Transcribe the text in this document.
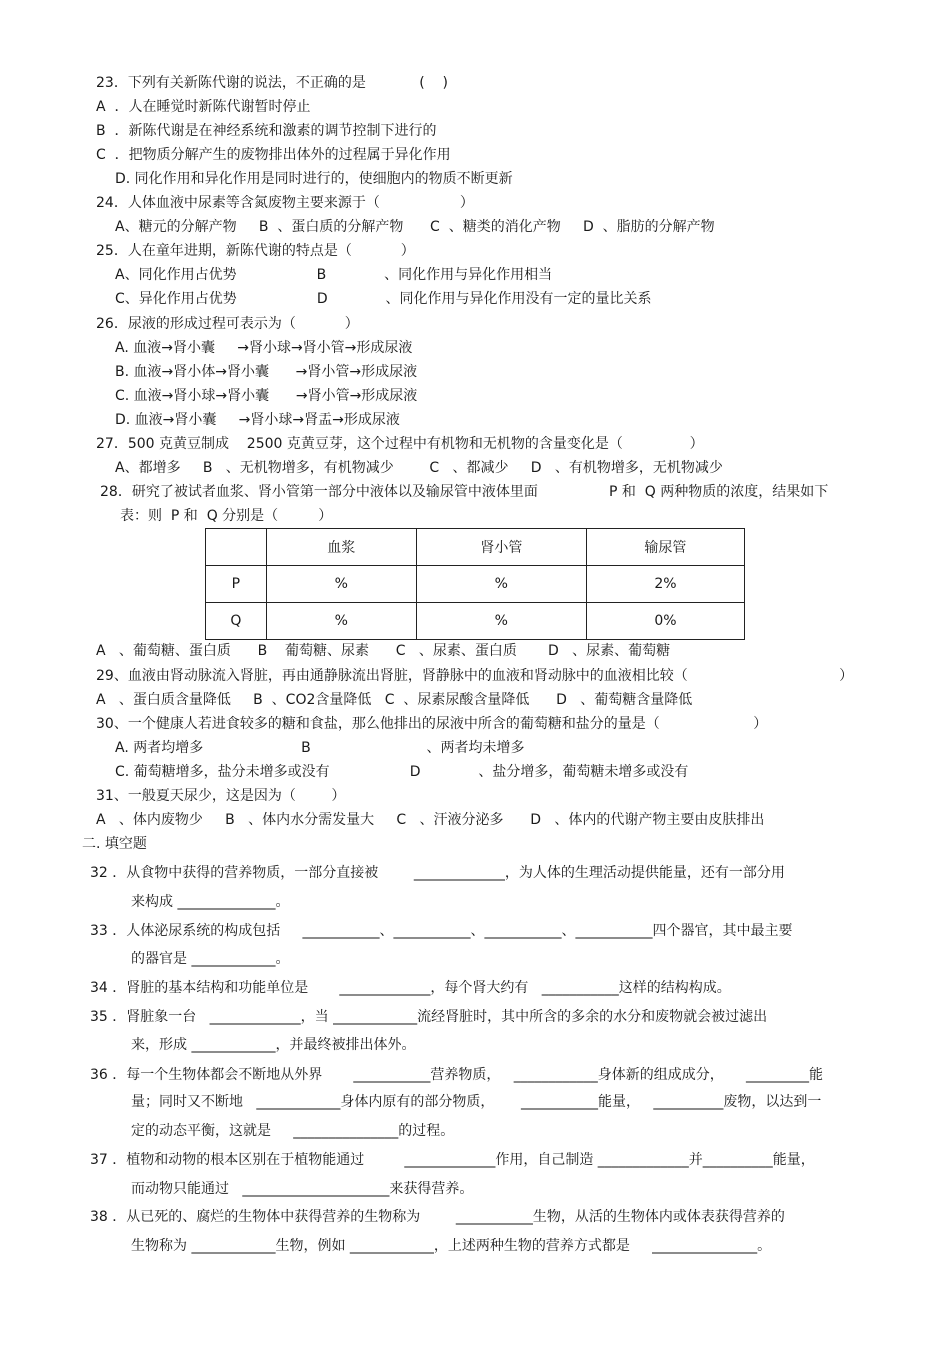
23．下列有关新陈代谢的说法，不正确的是            (    )
A  ．人在睡觉时新陈代谢暂时停止
B  ．新陈代谢是在神经系统和激素的调节控制下进行的
C  ．把物质分解产生的废物排出体外的过程属于异化作用
D. 同化作用和异化作用是同时进行的，使细胞内的物质不断更新
24．人体血液中尿素等含氮废物主要来源于（                  ）
A、糖元的分解产物     B  、蛋白质的分解产物      C  、糖类的消化产物     D  、脂肪的分解产物
25．人在童年进期，新陈代谢的特点是（           ）
A、同化作用占优势                  B             、同化作用与异化作用相当
C、异化作用占优势                  D             、同化作用与异化作用没有一定的量比关系
26．尿液的形成过程可表示为（           ）
A. 血液→肾小囊     →肾小球→肾小管→形成尿液
B. 血液→肾小体→肾小囊      →肾小管→形成尿液
C. 血液→肾小球→肾小囊      →肾小管→形成尿液
D. 血液→肾小囊     →肾小球→肾盂→形成尿液
27．500 克黄豆制成    2500 克黄豆芽，这个过程中有机物和无机物的含量变化是（               ）
A、都增多     B   、无机物增多，有机物减少        C   、都减少     D   、有机物增多，无机物减少
28．研究了被试者血浆、肾小管第一部分中液体以及输尿管中液体里面                P 和  Q 两种物质的浓度，结果如下
表：则  P 和  Q 分别是（         ）
	血浆	肾小管	输尿管
P	%	%	2%
Q	%	%	0%
A   、葡萄糖、蛋白质      B    葡萄糖、尿素      C   、尿素、蛋白质       D   、尿素、葡萄糖
29、血液由肾动脉流入肾脏，再由通静脉流出肾脏，肾静脉中的血液和肾动脉中的血液相比较（                                  ）
A   、蛋白质含量降低     B  、CO2含量降低   C  、尿素尿酸含量降低      D   、葡萄糖含量降低
30、一个健康人若进食较多的糖和食盐，那么他排出的尿液中所含的葡萄糖和盐分的量是（                     ）
A. 两者均增多                      B                          、两者均未增多
C. 葡萄糖增多，盐分未增多或没有                  D             、盐分增多，葡萄糖未增多或没有
31、一般夏天尿少，这是因为（        ）
A   、体内废物少     B   、体内水分需发量大     C   、汗液分泌多      D   、体内的代谢产物主要由皮肤排出
二. 填空题
32 ．从食物中获得的营养物质，一部分直接被        _____________，为人体的生理活动提供能量，还有一部分用
来构成 ______________。
33 ．人体泌尿系统的构成包括     ___________、___________、___________、___________四个器官，其中最主要
的器官是 ____________。
34 ．肾脏的基本结构和功能单位是       _____________，每个肾大约有   ___________这样的结构构成。
35 ．肾脏象一台   _____________，当 ____________流经肾脏时，其中所含的多余的水分和废物就会被过滤出
来，形成 ____________，并最终被排出体外。
36 ．每一个生物体都会不断地从外界       ___________营养物质，   ____________身体新的组成成分，     _________能
量；同时又不断地   ____________身体内原有的部分物质，      ___________能量，   __________废物，以达到一
定的动态平衡，这就是     _______________的过程。
37 ．植物和动物的根本区别在于植物能通过         _____________作用，自己制造 _____________并__________能量，
而动物只能通过   _____________________来获得营养。
38 ．从已死的、腐烂的生物体中获得营养的生物称为        ___________生物，从活的生物体内或体表获得营养的
生物称为 ____________生物，例如 ____________，上述两种生物的营养方式都是     _______________。
